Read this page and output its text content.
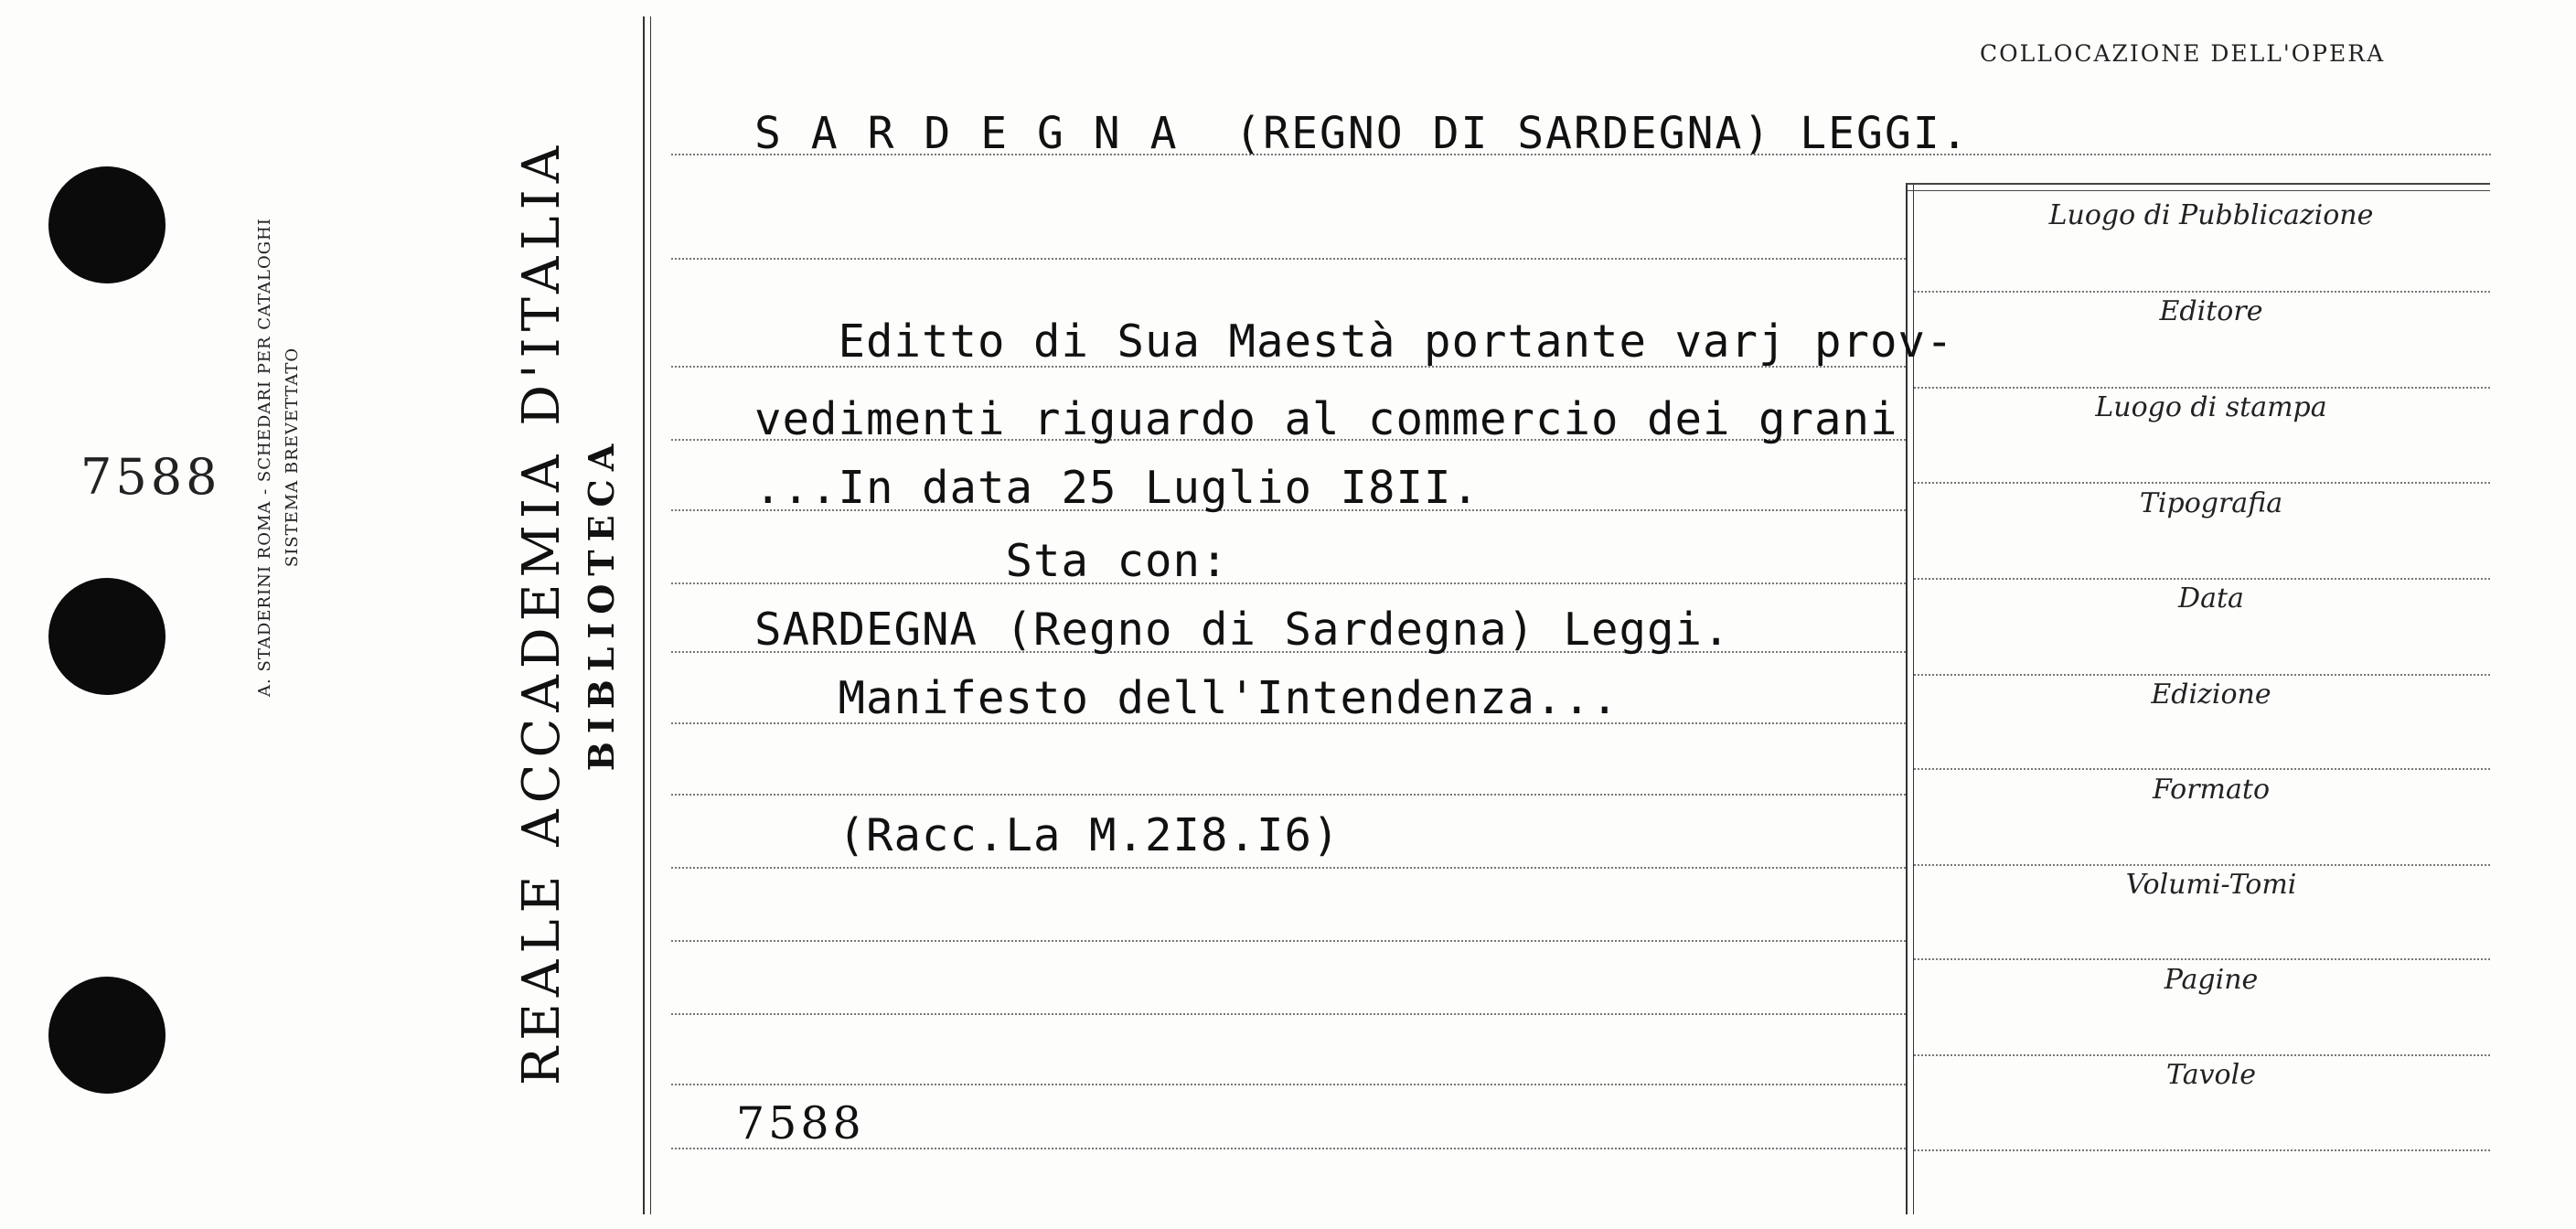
7588 A. STADERINI ROMA - SCHEDARI PER CATALOGHI SISTEMA BREVETTATO	REALE ACCADEMIA D'ITALIA BIBLIOTECA
COLLOCAZIONE DELL'OPERA
S A R D E G N A  (REGNO DI SARDEGNA) LEGGI.
Editto di Sua Maestà portante varj prov-
vedimenti riguardo al commercio dei grani
...In data 25 Luglio I8II.
Sta con:
SARDEGNA (Regno di Sardegna) Leggi.
Manifesto dell'Intendenza...
(Racc.La M.2I8.I6)
7588
Luogo di Pubblicazione
Editore
Luogo di stampa
Tipografia
Data
Edizione
Formato
Volumi-Tomi
Pagine
Tavole
